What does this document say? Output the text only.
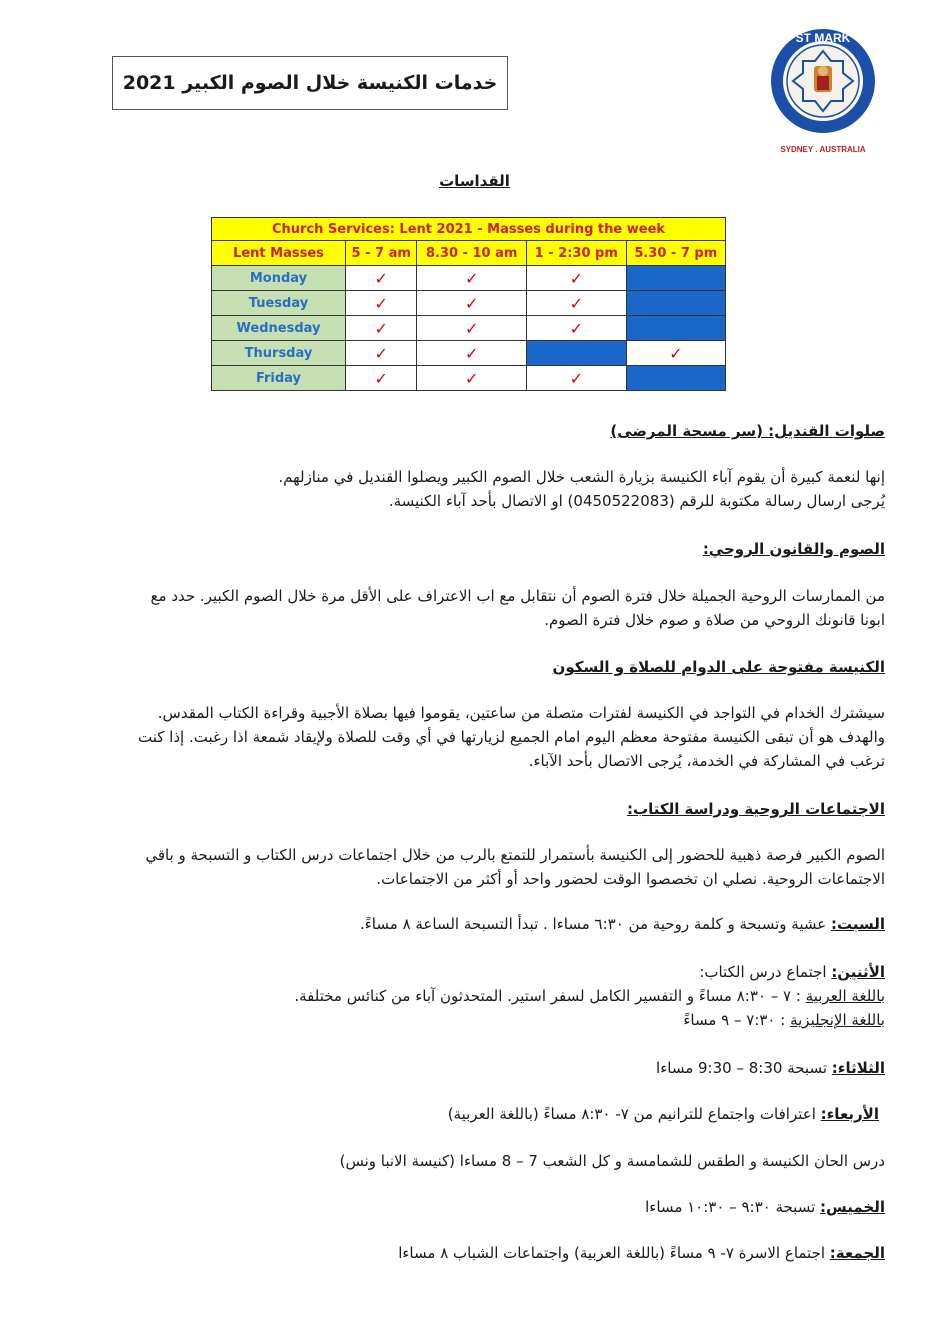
خدمات الكنيسة خلال الصوم الكبير 2021
ST MARK
SYDNEY . AUSTRALIA
القداسات
Church Services: Lent 2021 - Masses during the week				
Lent Masses	5 - 7 am	8.30 - 10 am	1 - 2:30 pm	5.30 - 7 pm
Monday	✓	✓	✓	
Tuesday	✓	✓	✓	
Wednesday	✓	✓	✓	
Thursday	✓	✓		✓
Friday	✓	✓	✓	
صلوات القنديل: (سر مسحة المرضى)
إنها لنعمة كبيرة أن يقوم آباء الكنيسة بزيارة الشعب خلال الصوم الكبير ويصلوا القنديل في منازلهم.
يُرجى ارسال رسالة مكتوبة للرقم (0450522083) او الاتصال بأحد آباء الكنيسة.
الصوم والقانون الروحي:
من الممارسات الروحية الجميلة خلال فترة الصوم أن نتقابل مع اب الاعتراف على الأقل مرة خلال الصوم الكبير. حدد مع
ابونا قانونك الروحي من صلاة و صوم خلال فترة الصوم.
الكنيسة مفتوحة على الدوام للصلاة و السكون
سيشترك الخدام في التواجد في الكنيسة لفترات متصلة من ساعتين، يقوموا فيها بصلاة الأجبية وقراءة الكتاب المقدس.
والهدف هو أن تبقى الكنيسة مفتوحة معظم اليوم امام الجميع لزيارتها في أي وقت للصلاة ولإيقاد شمعة اذا رغبت. إذا كنت
ترغب في المشاركة في الخدمة، يُرجى الاتصال بأحد الآباء.
الاجتماعات الروحية ودراسة الكتاب:
الصوم الكبير فرصة ذهبية للحضور إلى الكنيسة بأستمرار للتمتع بالرب من خلال اجتماعات درس الكتاب و التسبحة و باقي
الاجتماعات الروحية. نصلي ان تخصصوا الوقت لحضور واحد أو أكثر من الاجتماعات.
السبت: عشية وتسبحة و كلمة روحية من ٦:٣٠ مساءا . تبدأ التسبحة الساعة ٨ مساءً.
الأثنين: اجتماع درس الكتاب:
باللغة العربية : ٧ – ٨:٣٠ مساءً و التفسير الكامل لسفر استير. المتحدثون آباء من كنائس مختلفة.
باللغة الإنجليزية : ٧:٣٠ – ٩ مساءً
الثلاثاء: تسبحة 8:30 – 9:30 مساءا
الأربعاء: اعترافات واجتماع للترانيم من ٧- ٨:٣٠ مساءً (باللغة العربية)
درس الحان الكنيسة و الطقس للشمامسة و كل الشعب 7 – 8 مساءا (كنيسة الانبا ونس)
الخميس: تسبحة ٩:٣٠ – ١٠:٣٠ مساءا
الجمعة: اجتماع الاسرة ٧- ٩ مساءً (باللغة العربية) واجتماعات الشباب ٨ مساءا
